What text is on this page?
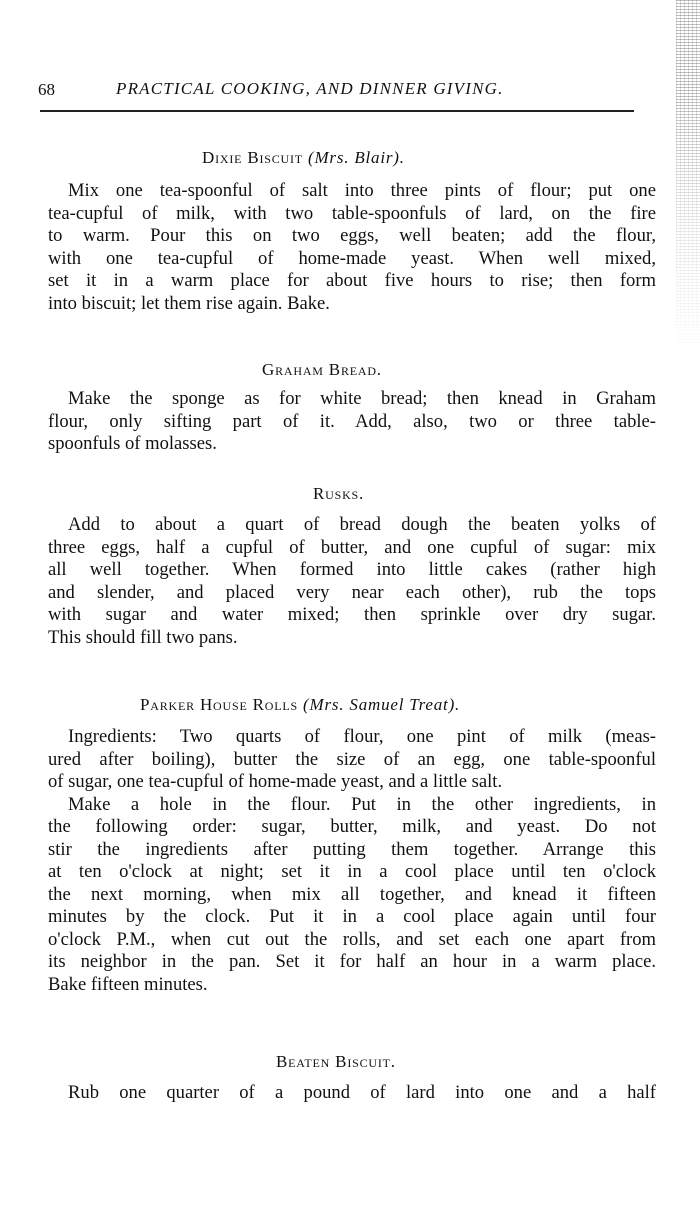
68	PRACTICAL COOKING, AND DINNER GIVING.
Dixie Biscuit (Mrs. Blair).
Mix one tea-spoonful of salt into three pints of flour; put one
tea-cupful of milk, with two table-spoonfuls of lard, on the fire
to warm. Pour this on two eggs, well beaten; add the flour,
with one tea-cupful of home-made yeast. When well mixed,
set it in a warm place for about five hours to rise; then form
into biscuit; let them rise again. Bake.
Graham Bread.
Make the sponge as for white bread; then knead in Graham
flour, only sifting part of it. Add, also, two or three table-
spoonfuls of molasses.
Rusks.
Add to about a quart of bread dough the beaten yolks of
three eggs, half a cupful of butter, and one cupful of sugar: mix
all well together. When formed into little cakes (rather high
and slender, and placed very near each other), rub the tops
with sugar and water mixed; then sprinkle over dry sugar.
This should fill two pans.
Parker House Rolls (Mrs. Samuel Treat).
Ingredients: Two quarts of flour, one pint of milk (meas-
ured after boiling), butter the size of an egg, one table-spoonful
of sugar, one tea-cupful of home-made yeast, and a little salt.
Make a hole in the flour. Put in the other ingredients, in
the following order: sugar, butter, milk, and yeast. Do not
stir the ingredients after putting them together. Arrange this
at ten o'clock at night; set it in a cool place until ten o'clock
the next morning, when mix all together, and knead it fifteen
minutes by the clock. Put it in a cool place again until four
o'clock P.M., when cut out the rolls, and set each one apart from
its neighbor in the pan. Set it for half an hour in a warm place.
Bake fifteen minutes.
Beaten Biscuit.
Rub one quarter of a pound of lard into one and a half
